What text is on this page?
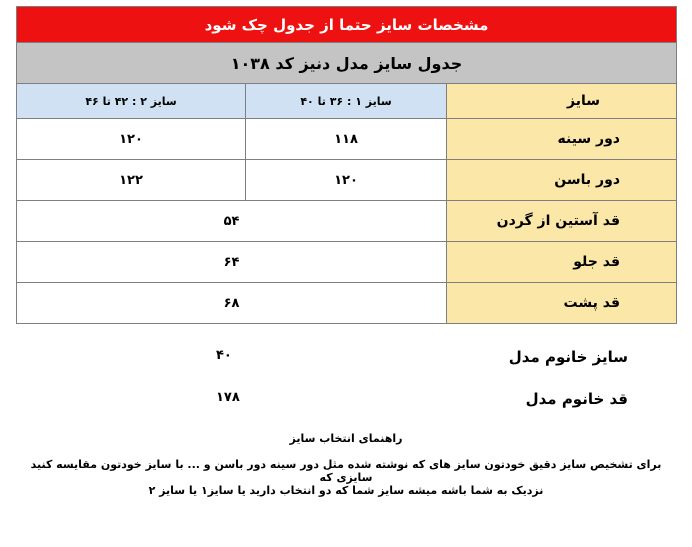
مشخصات سایز حتما از جدول چک شود		
جدول سایز مدل دنیز کد ۱۰۳۸		
سایز	سایز ۱ : ۳۶ تا ۴۰	سایز ۲ : ۴۲ تا ۴۶
دور سینه	۱۱۸	۱۲۰
دور باسن	۱۲۰	۱۲۲
قد آستین از گردن	۵۴	
قد جلو	۶۴	
قد پشت	۶۸	
سایز خانوم مدل
۴۰
قد خانوم مدل
۱۷۸
راهنمای انتخاب سایز
برای تشخیص سایز دقیق خودتون سایز های که نوشته شده مثل دور سینه دور باسن و ... با سایز خودتون مقایسه کنید سایزی که
نزدیک به شما باشه میشه سایز شما که دو انتخاب دارید یا سایز۱ یا سایز ۲
